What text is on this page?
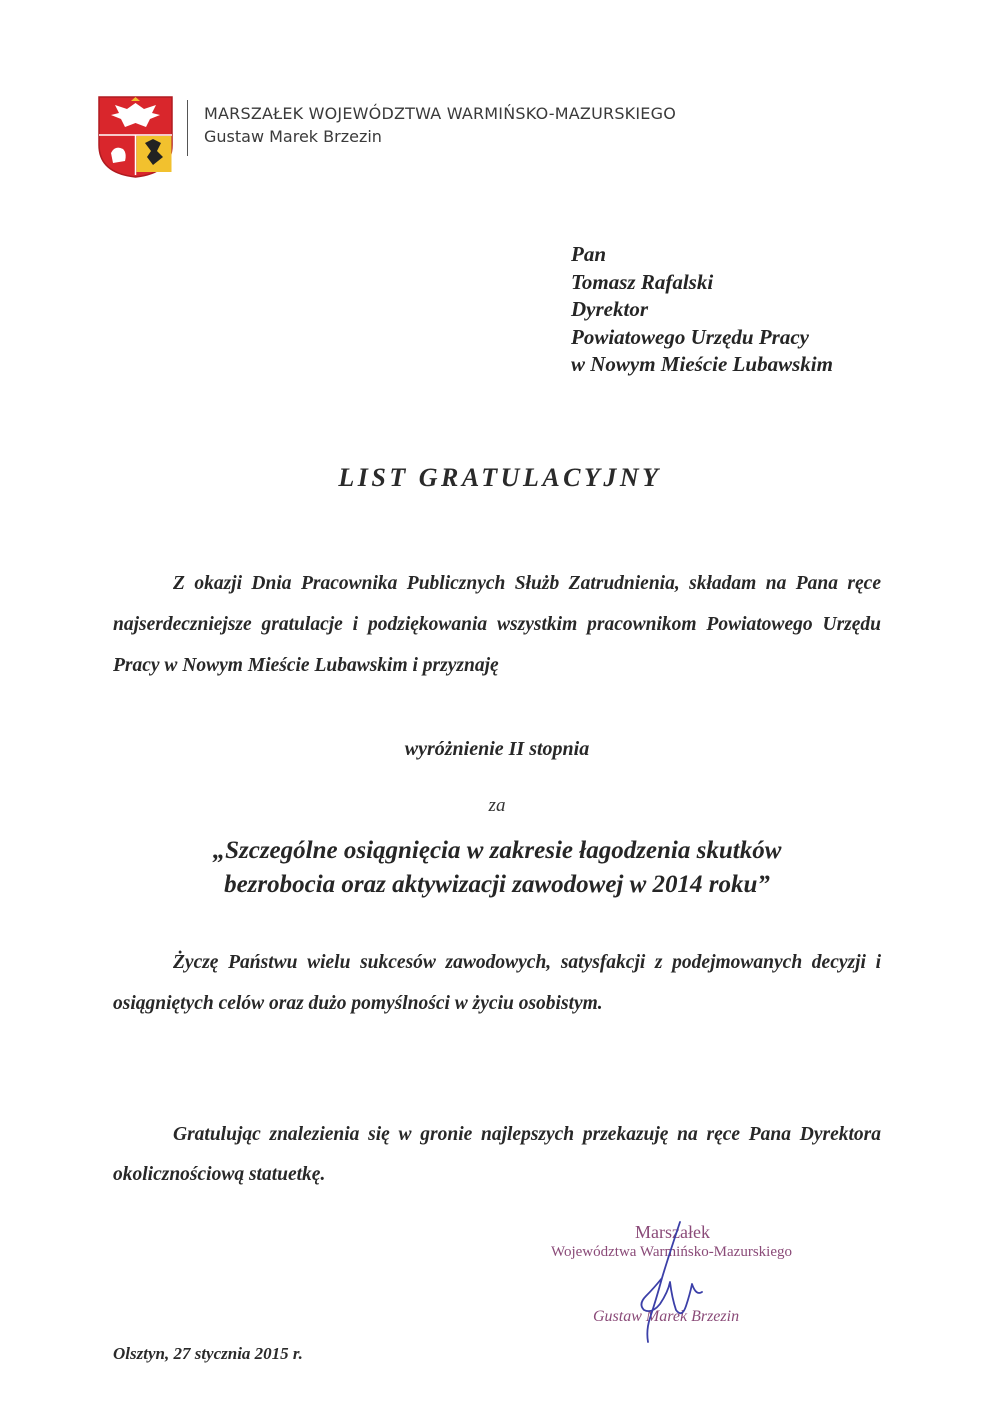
MARSZAŁEK WOJEWÓDZTWA WARMIŃSKO-MAZURSKIEGO
Gustaw Marek Brzezin
Pan
Tomasz Rafalski
Dyrektor
Powiatowego Urzędu Pracy
w Nowym Mieście Lubawskim
LIST GRATULACYJNY
Z okazji Dnia Pracownika Publicznych Służb Zatrudnienia, składam na Pana ręce najserdeczniejsze gratulacje i podziękowania wszystkim pracownikom Powiatowego Urzędu Pracy w Nowym Mieście Lubawskim i przyznaję
wyróżnienie II stopnia
za
„Szczególne osiągnięcia w zakresie łagodzenia skutków
bezrobocia oraz aktywizacji zawodowej w 2014 roku”
Życzę Państwu wielu sukcesów zawodowych, satysfakcji z podejmowanych decyzji i osiągniętych celów oraz dużo pomyślności w życiu osobistym.
Gratulując znalezienia się w gronie najlepszych przekazuję na ręce Pana Dyrektora okolicznościową statuetkę.
Marszałek
Województwa Warmińsko-Mazurskiego
Gustaw Marek Brzezin
Olsztyn, 27 stycznia 2015 r.
